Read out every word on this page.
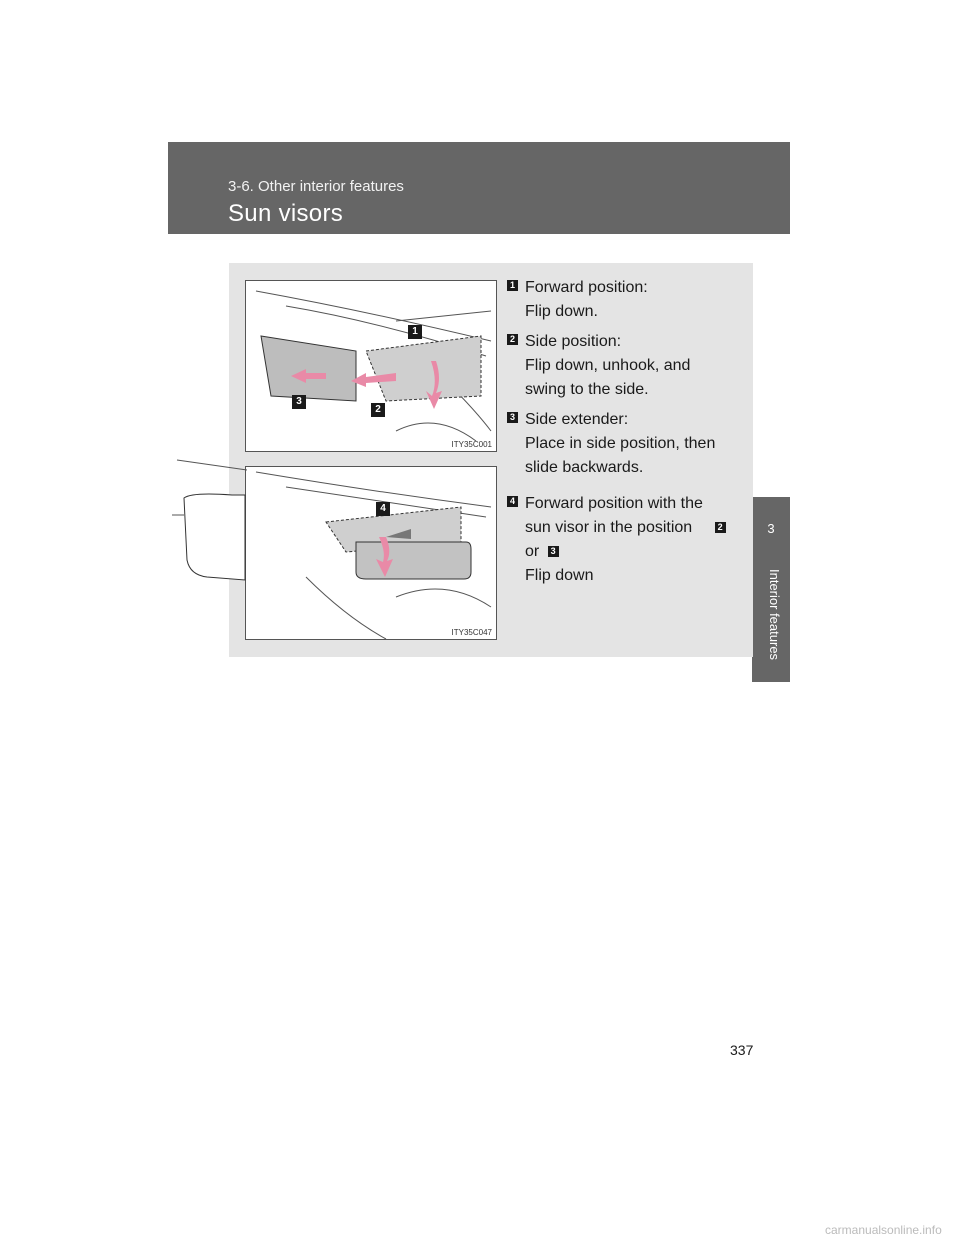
3-6. Other interior features
Sun visors
3
Interior features
1
2
3
ITY35C001
4
ITY35C047
1 Forward position:
Flip down.
2 Side position:
Flip down, unhook, and
swing to the side.
3 Side extender:
Place in side position, then
slide backwards.
4 Forward position with the
sun visor in the position	2
or 3
Flip down
337
carmanualsonline.info
